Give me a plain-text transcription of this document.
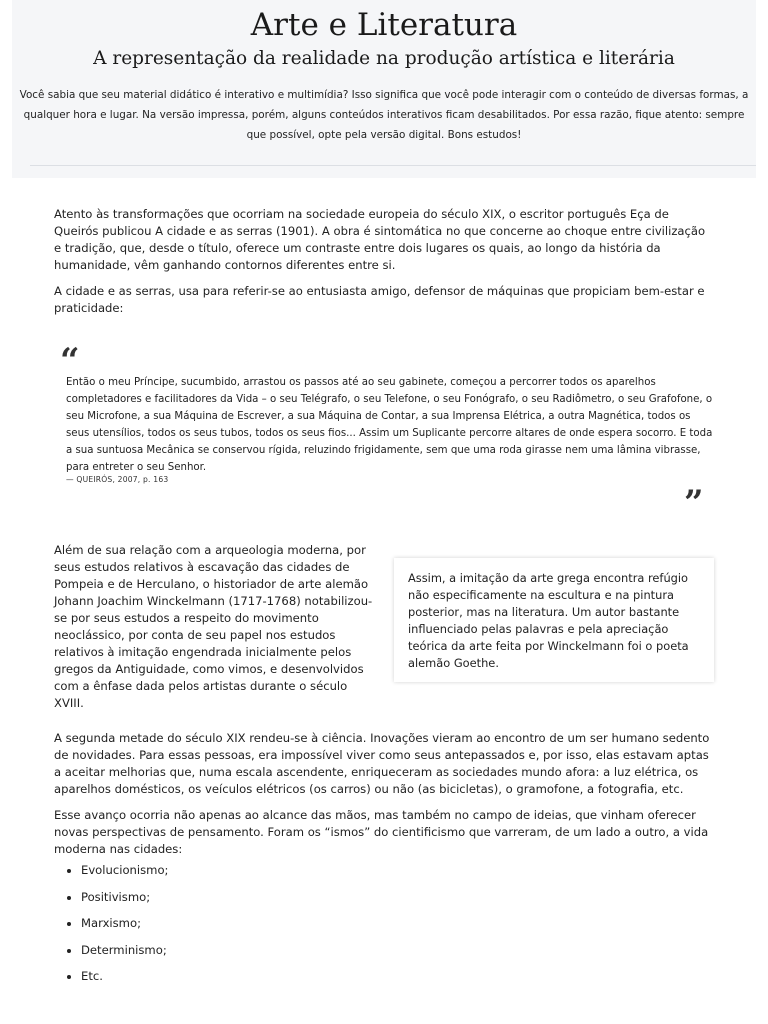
Arte e Literatura
A representação da realidade na produção artística e literária
Você sabia que seu material didático é interativo e multimídia? Isso significa que você pode interagir com o conteúdo de diversas formas, a qualquer hora e lugar. Na versão impressa, porém, alguns conteúdos interativos ficam desabilitados. Por essa razão, fique atento: sempre que possível, opte pela versão digital. Bons estudos!

Atento às transformações que ocorriam na sociedade europeia do século XIX, o escritor português Eça de Queirós publicou A cidade e as serras (1901). A obra é sintomática no que concerne ao choque entre civilização e tradição, que, desde o título, oferece um contraste entre dois lugares os quais, ao longo da história da humanidade, vêm ganhando contornos diferentes entre si.

A cidade e as serras, usa para referir-se ao entusiasta amigo, defensor de máquinas que propiciam bem-estar e praticidade:

“

Então o meu Príncipe, sucumbido, arrastou os passos até ao seu gabinete, começou a percorrer todos os aparelhos completadores e facilitadores da Vida – o seu Telégrafo, o seu Telefone, o seu Fonógrafo, o seu Radiômetro, o seu Grafofone, o seu Microfone, a sua Máquina de Escrever, a sua Máquina de Contar, a sua Imprensa Elétrica, a outra Magnética, todos os seus utensílios, todos os seus tubos, todos os seus fios... Assim um Suplicante percorre altares de onde espera socorro. E toda a sua suntuosa Mecânica se conservou rígida, reluzindo frigidamente, sem que uma roda girasse nem uma lâmina vibrasse, para entreter o seu Senhor.

— QUEIRÓS, 2007, p. 163
”

Além de sua relação com a arqueologia moderna, por seus estudos relativos à escavação das cidades de Pompeia e de Herculano, o historiador de arte alemão Johann Joachim Winckelmann (1717-1768) notabilizou-se por seus estudos a respeito do movimento neoclássico, por conta de seu papel nos estudos relativos à imitação engendrada inicialmente pelos gregos da Antiguidade, como vimos, e desenvolvidos com a ênfase dada pelos artistas durante o século XVIII.

Assim, a imitação da arte grega encontra refúgio não especificamente na escultura e na pintura posterior, mas na literatura. Um autor bastante influenciado pelas palavras e pela apreciação teórica da arte feita por Winckelmann foi o poeta alemão Goethe.

A segunda metade do século XIX rendeu-se à ciência. Inovações vieram ao encontro de um ser humano sedento de novidades. Para essas pessoas, era impossível viver como seus antepassados e, por isso, elas estavam aptas a aceitar melhorias que, numa escala ascendente, enriqueceram as sociedades mundo afora: a luz elétrica, os aparelhos domésticos, os veículos elétricos (os carros) ou não (as bicicletas), o gramofone, a fotografia, etc.

Esse avanço ocorria não apenas ao alcance das mãos, mas também no campo de ideias, que vinham oferecer novas perspectivas de pensamento. Foram os “ismos” do cientificismo que varreram, de um lado a outro, a vida moderna nas cidades:

• Evolucionismo;
• Positivismo;
• Marxismo;
• Determinismo;
• Etc.
